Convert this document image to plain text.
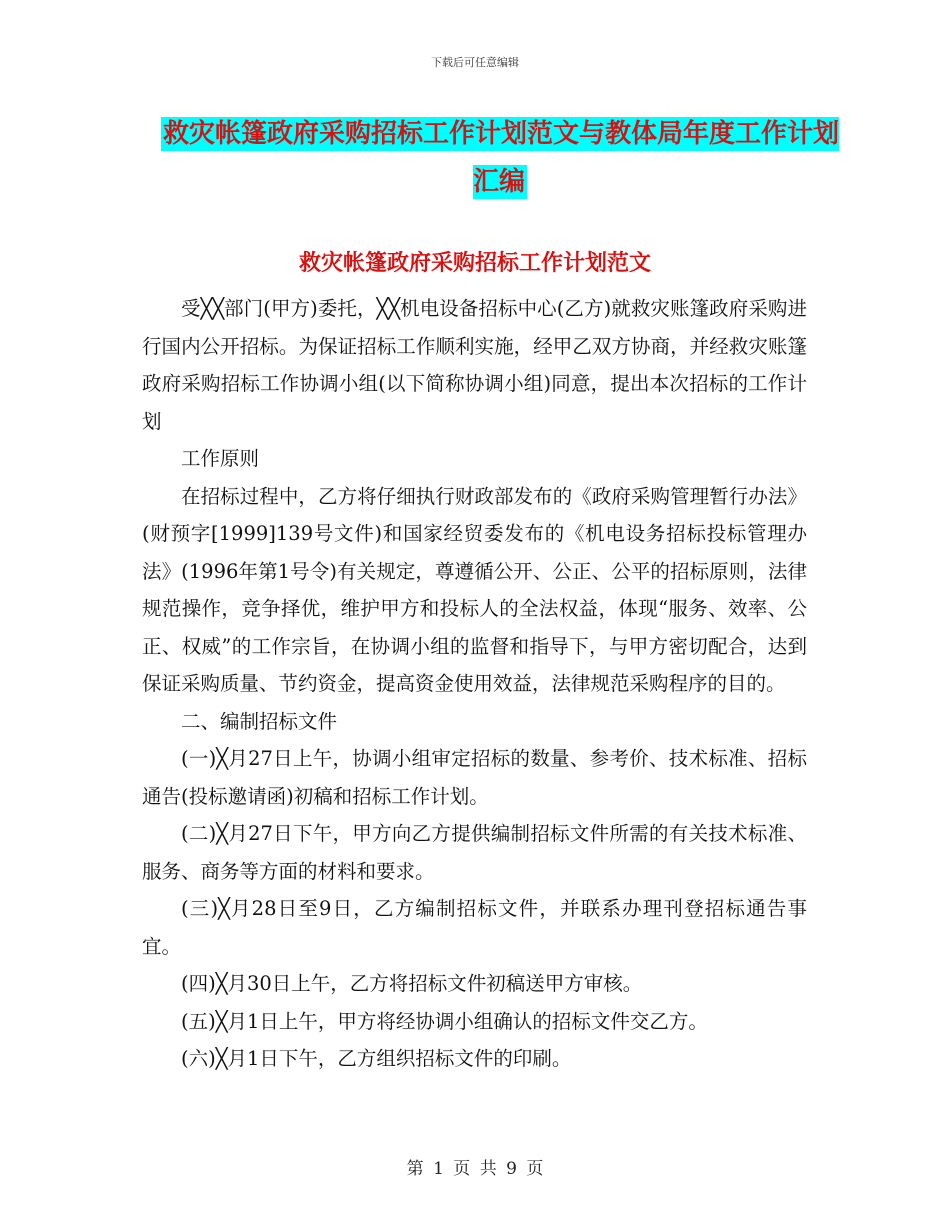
下载后可任意编辑
救灾帐篷政府采购招标工作计划范文与教体局年度工作计划汇编
救灾帐篷政府采购招标工作计划范文

受╳╳部门(甲方)委托，╳╳机电设备招标中心(乙方)就救灾账篷政府采购进行国内公开招标。为保证招标工作顺利实施，经甲乙双方协商，并经救灾账篷政府采购招标工作协调小组(以下简称协调小组)同意，提出本次招标的工作计划

工作原则

在招标过程中，乙方将仔细执行财政部发布的《政府采购管理暂行办法》(财预字[1999]139号文件)和国家经贸委发布的《机电设务招标投标管理办法》(1996年第1号令)有关规定，尊遵循公开、公正、公平的招标原则，法律规范操作，竞争择优，维护甲方和投标人的全法权益，体现“服务、效率、公正、权威”的工作宗旨，在协调小组的监督和指导下，与甲方密切配合，达到保证采购质量、节约资金，提高资金使用效益，法律规范采购程序的目的。

二、编制招标文件

(一)╳月27日上午，协调小组审定招标的数量、参考价、技术标准、招标通告(投标邀请函)初稿和招标工作计划。

(二)╳月27日下午，甲方向乙方提供编制招标文件所需的有关技术标准、服务、商务等方面的材料和要求。

(三)╳月28日至9日，乙方编制招标文件，并联系办理刊登招标通告事宜。

(四)╳月30日上午，乙方将招标文件初稿送甲方审核。

(五)╳月1日上午，甲方将经协调小组确认的招标文件交乙方。

(六)╳月1日下午，乙方组织招标文件的印刷。

第 1 页 共 9 页
